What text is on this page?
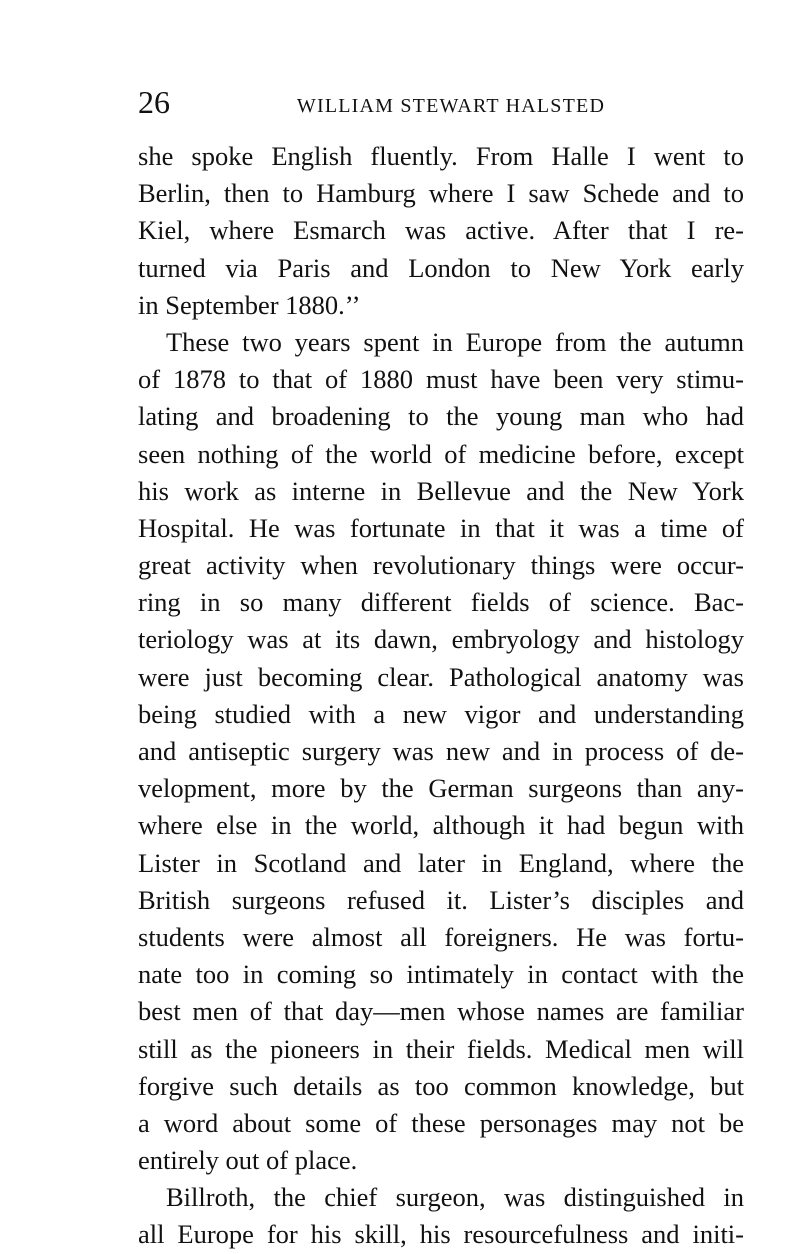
26	WILLIAM STEWART HALSTED
she spoke English fluently. From Halle I went to
Berlin, then to Hamburg where I saw Schede and to
Kiel, where Esmarch was active. After that I re-
turned via Paris and London to New York early
in September 1880.’’
These two years spent in Europe from the autumn
of 1878 to that of 1880 must have been very stimu-
lating and broadening to the young man who had
seen nothing of the world of medicine before, except
his work as interne in Bellevue and the New York
Hospital. He was fortunate in that it was a time of
great activity when revolutionary things were occur-
ring in so many different fields of science. Bac-
teriology was at its dawn, embryology and histology
were just becoming clear. Pathological anatomy was
being studied with a new vigor and understanding
and antiseptic surgery was new and in process of de-
velopment, more by the German surgeons than any-
where else in the world, although it had begun with
Lister in Scotland and later in England, where the
British surgeons refused it. Lister’s disciples and
students were almost all foreigners. He was fortu-
nate too in coming so intimately in contact with the
best men of that day—men whose names are familiar
still as the pioneers in their fields. Medical men will
forgive such details as too common knowledge, but
a word about some of these personages may not be
entirely out of place.
Billroth, the chief surgeon, was distinguished in
all Europe for his skill, his resourcefulness and initi-
